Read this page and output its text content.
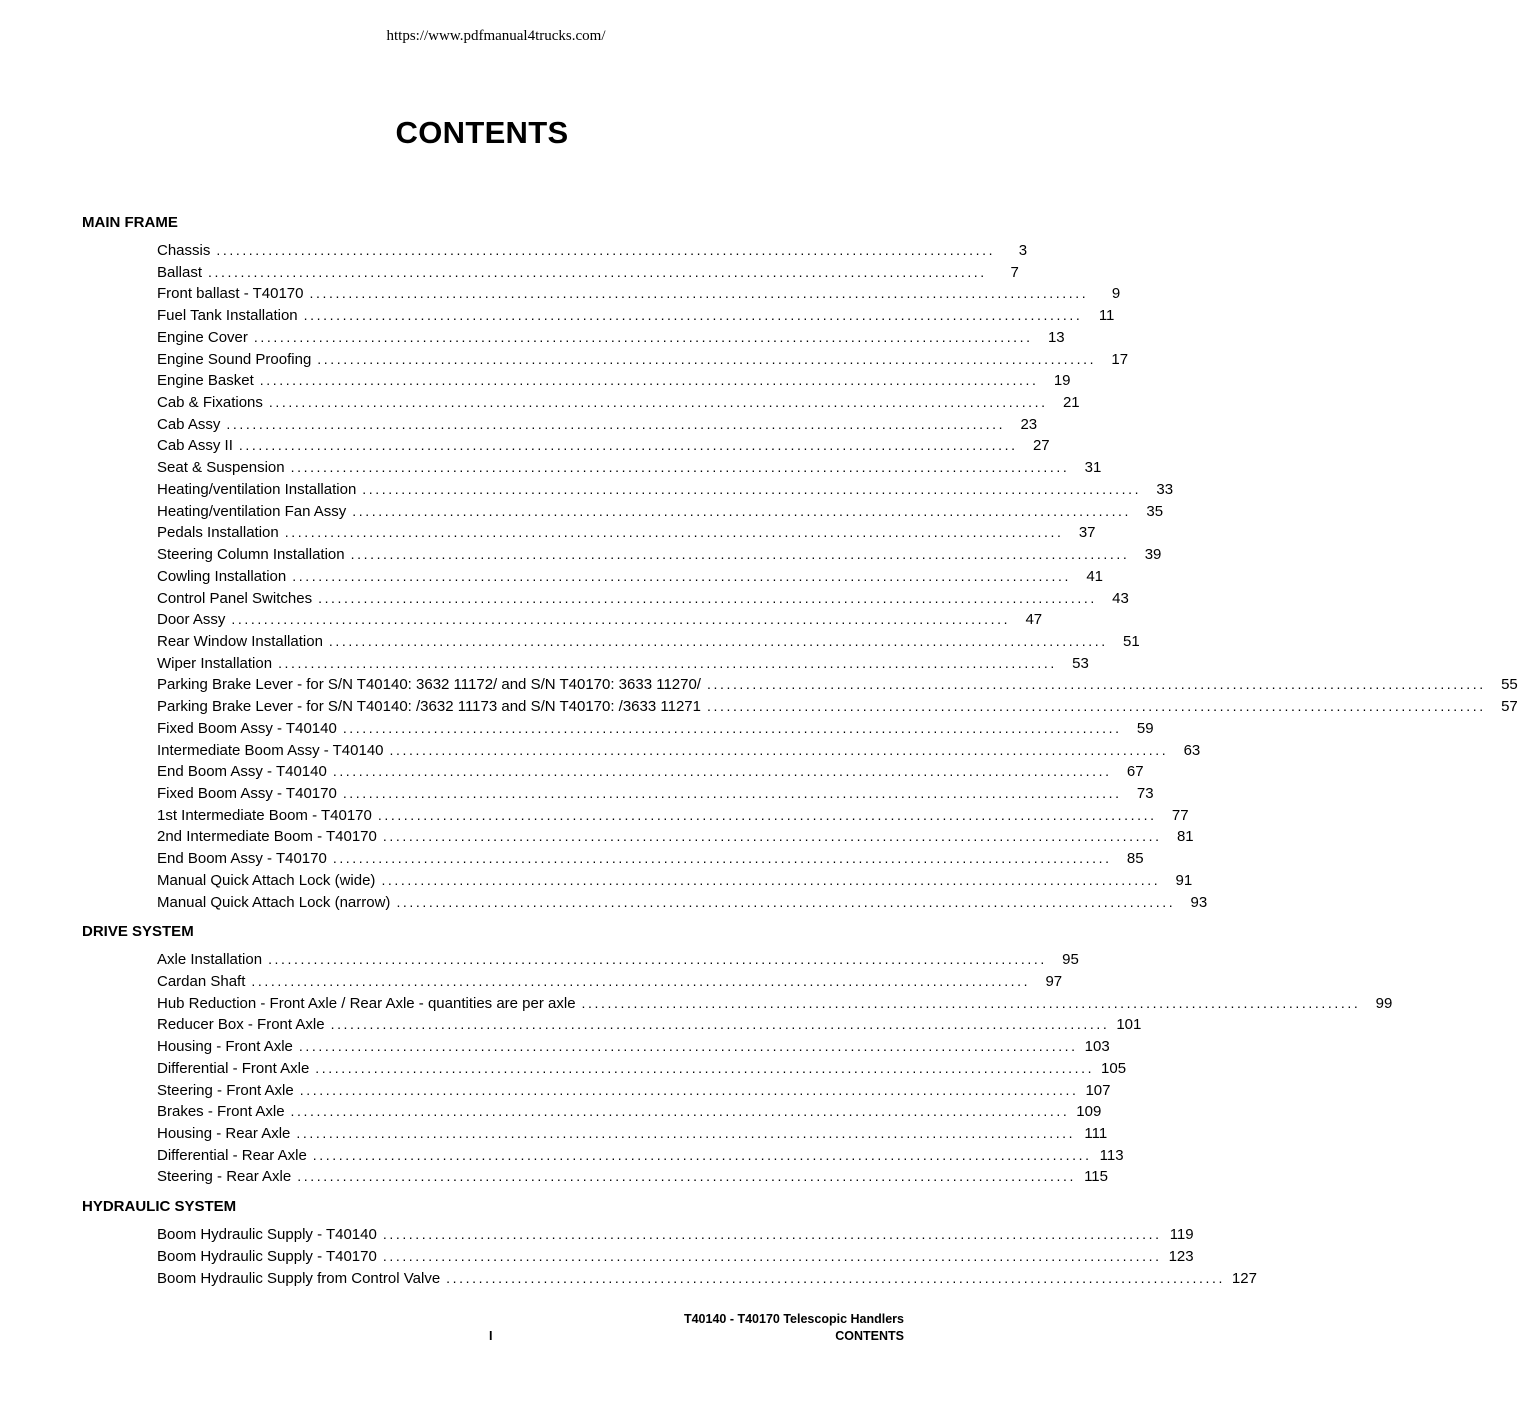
https://www.pdfmanual4trucks.com/
CONTENTS
MAIN FRAME
Chassis ........................................................................................................................	3
Ballast ........................................................................................................................	7
Front ballast - T40170 ........................................................................................................................	9
Fuel Tank Installation ........................................................................................................................	11
Engine Cover ........................................................................................................................	13
Engine Sound Proofing ........................................................................................................................	17
Engine Basket ........................................................................................................................	19
Cab & Fixations ........................................................................................................................	21
Cab Assy ........................................................................................................................	23
Cab Assy II ........................................................................................................................	27
Seat & Suspension ........................................................................................................................	31
Heating/ventilation Installation ........................................................................................................................	33
Heating/ventilation Fan Assy ........................................................................................................................	35
Pedals Installation ........................................................................................................................	37
Steering Column Installation ........................................................................................................................	39
Cowling Installation ........................................................................................................................	41
Control Panel Switches ........................................................................................................................	43
Door Assy ........................................................................................................................	47
Rear Window Installation ........................................................................................................................	51
Wiper Installation ........................................................................................................................	53
Parking Brake Lever - for S/N T40140: 3632 11172/ and S/N T40170: 3633 11270/ ........................................................................................................................	55
Parking Brake Lever - for S/N T40140: /3632 11173 and S/N T40170: /3633 11271 ........................................................................................................................	57
Fixed Boom Assy - T40140 ........................................................................................................................	59
Intermediate Boom Assy - T40140 ........................................................................................................................	63
End Boom Assy - T40140 ........................................................................................................................	67
Fixed Boom Assy - T40170 ........................................................................................................................	73
1st Intermediate Boom - T40170 ........................................................................................................................	77
2nd Intermediate Boom - T40170 ........................................................................................................................	81
End Boom Assy - T40170 ........................................................................................................................	85
Manual Quick Attach Lock (wide) ........................................................................................................................	91
Manual Quick Attach Lock (narrow) ........................................................................................................................	93
DRIVE SYSTEM
Axle Installation ........................................................................................................................	95
Cardan Shaft ........................................................................................................................	97
Hub Reduction - Front Axle / Rear Axle - quantities are per axle ........................................................................................................................	99
Reducer Box - Front Axle ........................................................................................................................ 101
Housing - Front Axle ........................................................................................................................ 103
Differential - Front Axle ........................................................................................................................ 105
Steering - Front Axle ........................................................................................................................ 107
Brakes - Front Axle ........................................................................................................................ 109
Housing - Rear Axle ........................................................................................................................ 111
Differential - Rear Axle ........................................................................................................................ 113
Steering - Rear Axle ........................................................................................................................ 115
HYDRAULIC SYSTEM
Boom Hydraulic Supply - T40140 ........................................................................................................................ 119
Boom Hydraulic Supply - T40170 ........................................................................................................................ 123
Boom Hydraulic Supply from Control Valve ........................................................................................................................ 127
T40140 - T40170 Telescopic Handlers
CONTENTS
I
